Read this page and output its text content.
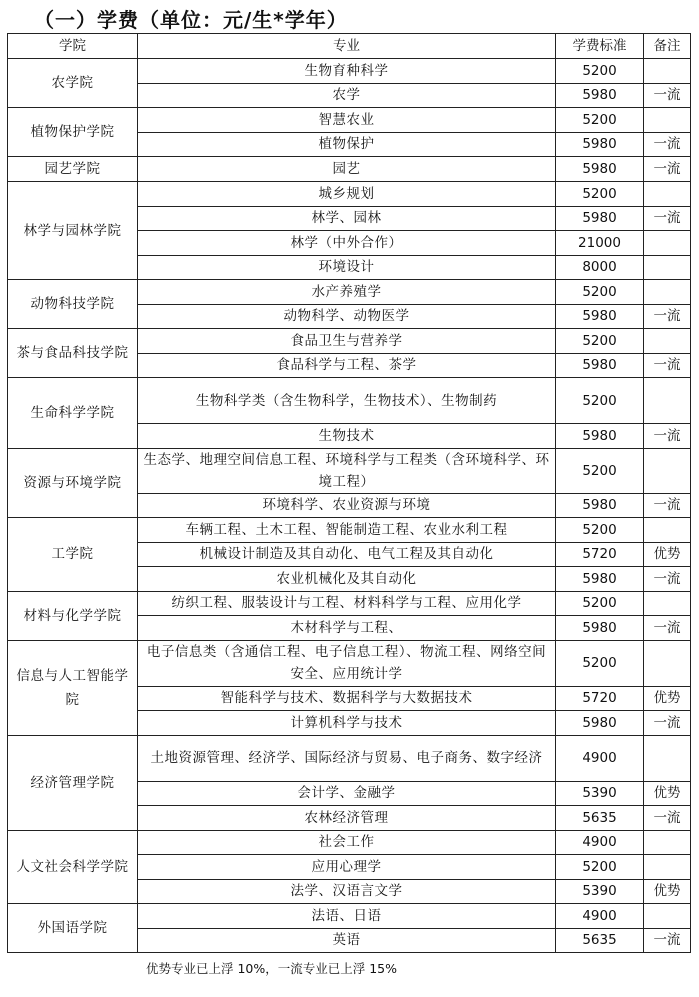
（一）学费（单位：元/生*学年）
学院	专业	学费标准	备注
农学院	生物育种科学	5200	
	农学	5980	一流
植物保护学院	智慧农业	5200	
	植物保护	5980	一流
园艺学院	园艺	5980	一流
林学与园林学院	城乡规划	5200	
	林学、园林	5980	一流
	林学（中外合作）	21000	
	环境设计	8000	
动物科技学院	水产养殖学	5200	
	动物科学、动物医学	5980	一流
茶与食品科技学院	食品卫生与营养学	5200	
	食品科学与工程、茶学	5980	一流
生命科学学院	生物科学类（含生物科学，生物技术）、生物制药	5200	
	生物技术	5980	一流
资源与环境学院	生态学、地理空间信息工程、环境科学与工程类（含环境科学、环境工程）	5200	
	环境科学、农业资源与环境	5980	一流
工学院	车辆工程、土木工程、智能制造工程、农业水利工程	5200	
	机械设计制造及其自动化、电气工程及其自动化	5720	优势
	农业机械化及其自动化	5980	一流
材料与化学学院	纺织工程、服装设计与工程、材料科学与工程、应用化学	5200	
	木材科学与工程、	5980	一流
信息与人工智能学院	电子信息类（含通信工程、电子信息工程）、物流工程、网络空间安全、应用统计学	5200	
	智能科学与技术、数据科学与大数据技术	5720	优势
	计算机科学与技术	5980	一流
经济管理学院	土地资源管理、经济学、国际经济与贸易、电子商务、数字经济	4900	
	会计学、金融学	5390	优势
	农林经济管理	5635	一流
人文社会科学学院	社会工作	4900	
	应用心理学	5200	
	法学、汉语言文学	5390	优势
外国语学院	法语、日语	4900	
	英语	5635	一流
优势专业已上浮 10%，一流专业已上浮 15%
